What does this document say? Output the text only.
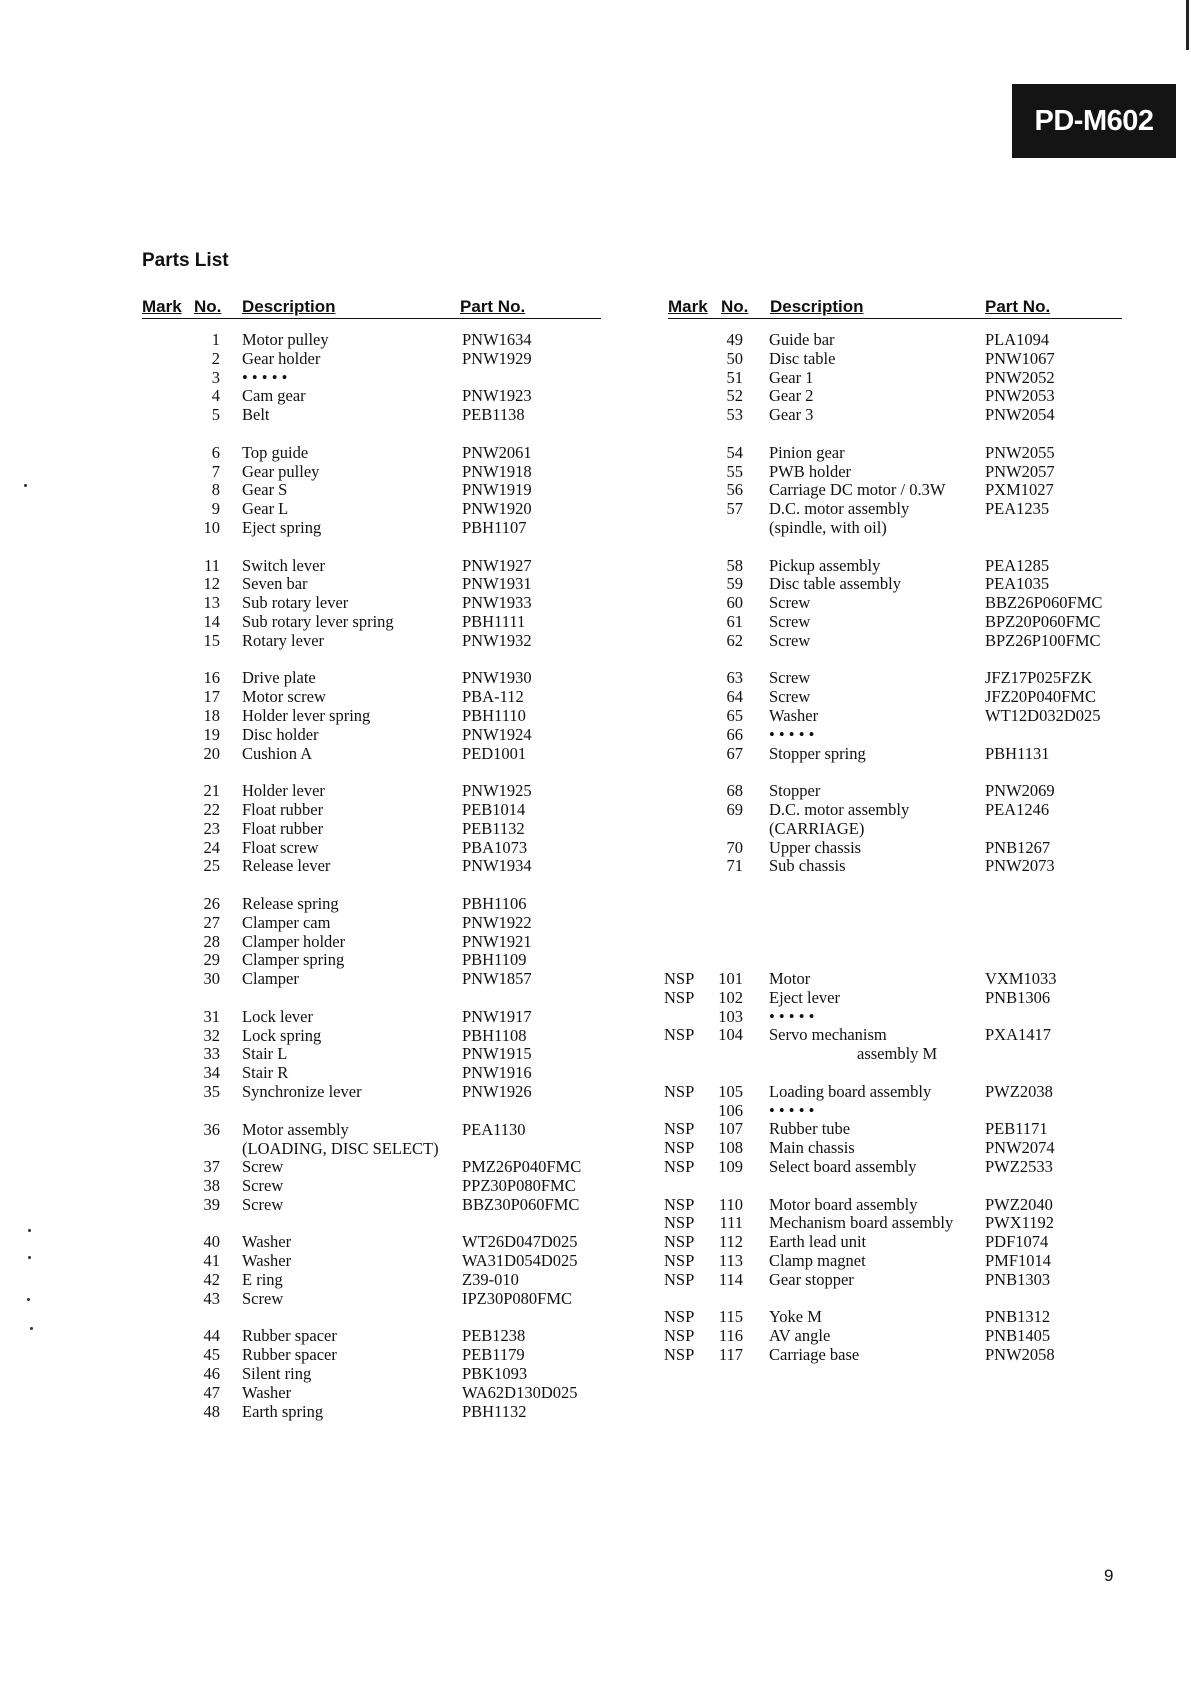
PD-M602
Parts List
Mark No. Description	Part No.	Mark No. Description	Part No.
1 Motor pulley	PNW1634
2 Gear holder	PNW1929
3 • • • • •
4 Cam gear	PNW1923
5 Belt	PEB1138
6 Top guide	PNW2061
7 Gear pulley	PNW1918
8 Gear S	PNW1919
9 Gear L	PNW1920
10 Eject spring	PBH1107
11 Switch lever	PNW1927
12 Seven bar	PNW1931
13 Sub rotary lever	PNW1933
14 Sub rotary lever spring	PBH1111
15 Rotary lever	PNW1932
16 Drive plate	PNW1930
17 Motor screw	PBA-112
18 Holder lever spring	PBH1110
19 Disc holder	PNW1924
20 Cushion A	PED1001
21 Holder lever	PNW1925
22 Float rubber	PEB1014
23 Float rubber	PEB1132
24 Float screw	PBA1073
25 Release lever	PNW1934
26 Release spring	PBH1106
27 Clamper cam	PNW1922
28 Clamper holder	PNW1921
29 Clamper spring	PBH1109
30 Clamper	PNW1857
31 Lock lever	PNW1917
32 Lock spring	PBH1108
33 Stair L	PNW1915
34 Stair R	PNW1916
35 Synchronize lever	PNW1926
36 Motor assembly	PEA1130
(LOADING, DISC SELECT)
37 Screw	PMZ26P040FMC
38 Screw	PPZ30P080FMC
39 Screw	BBZ30P060FMC
40 Washer	WT26D047D025
41 Washer	WA31D054D025
42 E ring	Z39-010
43 Screw	IPZ30P080FMC
44 Rubber spacer	PEB1238
45 Rubber spacer	PEB1179
46 Silent ring	PBK1093
47 Washer	WA62D130D025
48 Earth spring	PBH1132
49 Guide bar	PLA1094
50 Disc table	PNW1067
51 Gear 1	PNW2052
52 Gear 2	PNW2053
53 Gear 3	PNW2054
54 Pinion gear	PNW2055
55 PWB holder	PNW2057
56 Carriage DC motor / 0.3W PXM1027
57 D.C. motor assembly	PEA1235
(spindle, with oil)
58 Pickup assembly	PEA1285
59 Disc table assembly	PEA1035
60 Screw	BBZ26P060FMC
61 Screw	BPZ20P060FMC
62 Screw	BPZ26P100FMC
63 Screw	JFZ17P025FZK
64 Screw	JFZ20P040FMC
65 Washer	WT12D032D025
66 • • • • •
67 Stopper spring	PBH1131
68 Stopper	PNW2069
69 D.C. motor assembly	PEA1246
(CARRIAGE)
70 Upper chassis	PNB1267
71 Sub chassis	PNW2073
NSP	101 Motor	VXM1033
NSP	102 Eject lever	PNB1306
103 • • • • •
NSP	104 Servo mechanism	PXA1417
assembly M
NSP	105 Loading board assembly	PWZ2038
106 • • • • •
NSP	107 Rubber tube	PEB1171
NSP	108 Main chassis	PNW2074
NSP	109 Select board assembly	PWZ2533
NSP	110 Motor board assembly	PWZ2040
NSP	111 Mechanism board assembly PWX1192
NSP	112 Earth lead unit	PDF1074
NSP	113 Clamp magnet	PMF1014
NSP	114 Gear stopper	PNB1303
NSP	115 Yoke M	PNB1312
NSP	116 AV angle	PNB1405
NSP	117 Carriage base	PNW2058
9
